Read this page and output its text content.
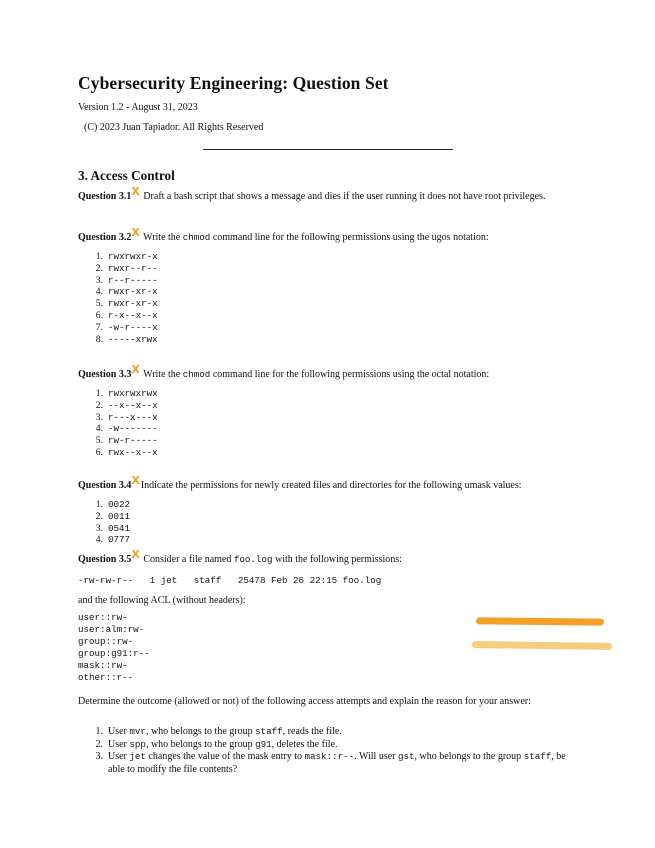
Cybersecurity Engineering: Question Set
Version 1.2 - August 31, 2023
(C) 2023 Juan Tapiador. All Rights Reserved
3. Access Control
Question 3.1X Draft a bash script that shows a message and dies if the user running it does not have root privileges.
Question 3.2X Write the chmod command line for the following permissions using the ugos notation:
1. rwxrwxr-x
2. rwxr--r--
3. r--r-----
4. rwxr-xr-x
5. rwxr-xr-x
6. r-x--x--x
7. -w-r----x
8. -----xrwx
Question 3.3X Write the chmod command line for the following permissions using the octal notation:
1. rwxrwxrwx
2. --x--x--x
3. r---x---x
4. -w-------
5. rw-r-----
6. rwx--x--x
Question 3.4XIndicate the permissions for newly created files and directories for the following umask values:
1. 0022
2. 0011
3. 0541
4. 0777
Question 3.5X Consider a file named foo.log with the following permissions:
-rw-rw-r--   1 jet   staff   25478 Feb 26 22:15 foo.log
and the following ACL (without headers):
user::rw-
user:alm:rw-
group::rw-
group:g91:r--
mask::rw-
other::r--
Determine the outcome (allowed or not) of the following access attempts and explain the reason for your answer:
1. User mvr, who belongs to the group staff, reads the file.
2. User spp, who belongs to the group g91, deletes the file.
3. User jet changes the value of the mask entry to mask::r--. Will user gst, who belongs to the group staff, be able to modify the file contents?
